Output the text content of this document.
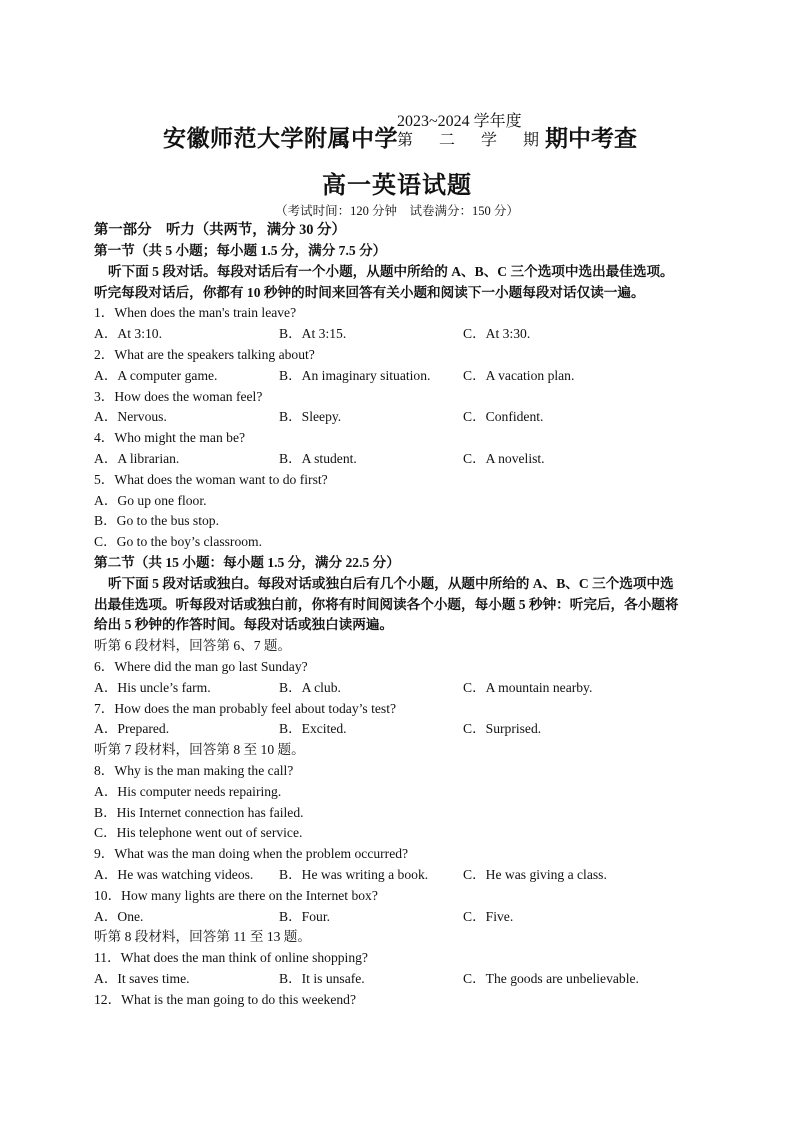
安徽师范大学附属中学
2023~2024 学年度
第 二 学 期 期中考查
高一英语试题
（考试时间：120 分钟　试卷满分：150 分）
第一部分　听力（共两节，满分 30 分）
第一节（共 5 小题；每小题 1.5 分，满分 7.5 分）
听下面 5 段对话。每段对话后有一个小题，从题中所给的 A、B、C 三个选项中选出最佳选项。
听完每段对话后，你都有 10 秒钟的时间来回答有关小题和阅读下一小题每段对话仅读一遍。
1．When does the man's train leave?
A．At 3:10.	B．At 3:15.	C．At 3:30.
2．What are the speakers talking about?
A．A computer game.	B．An imaginary situation. C．A vacation plan.
3．How does the woman feel?
A．Nervous.	B．Sleepy.	C．Confident.
4．Who might the man be?
A．A librarian.	B．A student.	C．A novelist.
5．What does the woman want to do first?
A．Go up one floor.
B．Go to the bus stop.
C．Go to the boy’s classroom.
第二节（共 15 小题：每小题 1.5 分，满分 22.5 分）
听下面 5 段对话或独白。每段对话或独白后有几个小题，从题中所给的 A、B、C 三个选项中选
出最佳选项。听每段对话或独白前，你将有时间阅读各个小题，每小题 5 秒钟：听完后，各小题将
给出 5 秒钟的作答时间。每段对话或独白读两遍。
听第 6 段材料，回答第 6、7 题。
6．Where did the man go last Sunday?
A．His uncle’s farm.	B．A club.	C．A mountain nearby.
7．How does the man probably feel about today’s test?
A．Prepared.	B．Excited.	C．Surprised.
听第 7 段材料，回答第 8 至 10 题。
8．Why is the man making the call?
A．His computer needs repairing.
B．His Internet connection has failed.
C．His telephone went out of service.
9．What was the man doing when the problem occurred?
A．He was watching videos. B．He was writing a book.	C．He was giving a class.
10．How many lights are there on the Internet box?
A．One.	B．Four.	C．Five.
听第 8 段材料，回答第 11 至 13 题。
11．What does the man think of online shopping?
A．It saves time.	B．It is unsafe.	C．The goods are unbelievable.
12．What is the man going to do this weekend?
